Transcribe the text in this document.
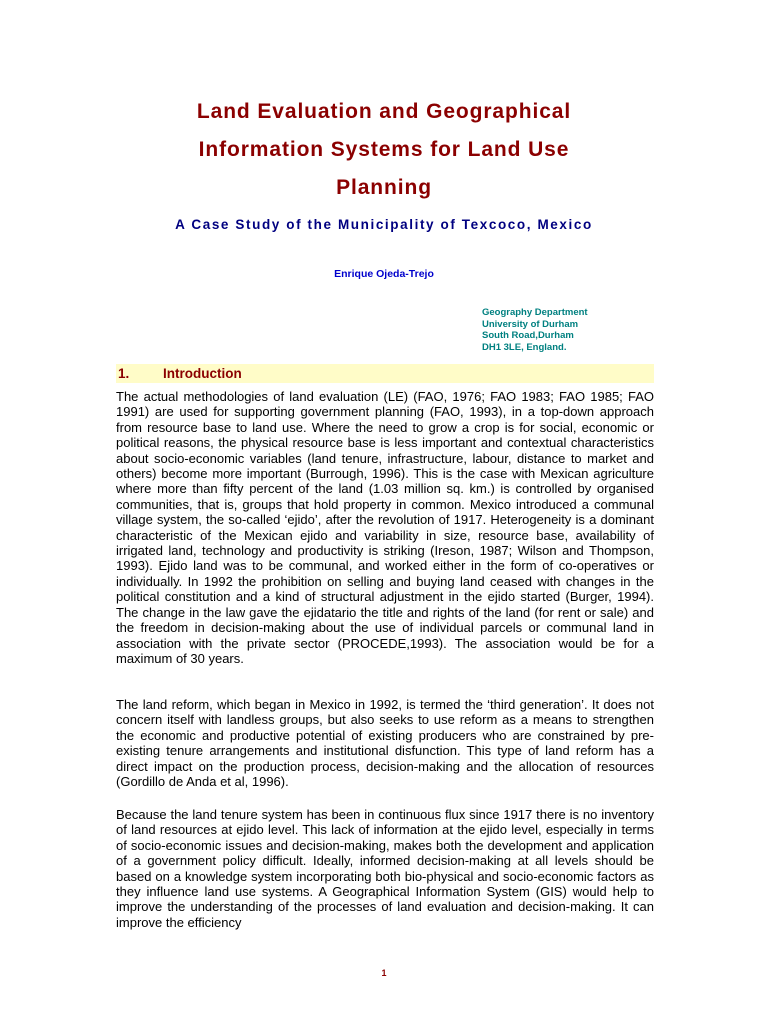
Land Evaluation and Geographical
Information Systems for Land Use
Planning
A Case Study of the Municipality of Texcoco, Mexico
Enrique Ojeda-Trejo
Geography Department
University of Durham
South Road,Durham
DH1 3LE, England.
1. Introduction
The actual methodologies of land evaluation (LE) (FAO, 1976; FAO 1983; FAO 1985; FAO 1991) are used for supporting government planning (FAO, 1993), in a top-down approach from resource base to land use. Where the need to grow a crop is for social, economic or political reasons, the physical resource base is less important and contextual characteristics about socio-economic variables (land tenure, infrastructure, labour, distance to market and others) become more important (Burrough, 1996). This is the case with Mexican agriculture where more than fifty percent of the land (1.03 million sq. km.) is controlled by organised communities, that is, groups that hold property in common. Mexico introduced a communal village system, the so-called ‘ejido’, after the revolution of 1917. Heterogeneity is a dominant characteristic of the Mexican ejido and variability in size, resource base, availability of irrigated land, technology and productivity is striking (Ireson, 1987; Wilson and Thompson, 1993). Ejido land was to be communal, and worked either in the form of co-operatives or individually. In 1992 the prohibition on selling and buying land ceased with changes in the political constitution and a kind of structural adjustment in the ejido started (Burger, 1994). The change in the law gave the ejidatario the title and rights of the land (for rent or sale) and the freedom in decision-making about the use of individual parcels or communal land in association with the private sector (PROCEDE,1993). The association would be for a maximum of 30 years.
The land reform, which began in Mexico in 1992, is termed the ‘third generation’. It does not concern itself with landless groups, but also seeks to use reform as a means to strengthen the economic and productive potential of existing producers who are constrained by pre-existing tenure arrangements and institutional disfunction. This type of land reform has a direct impact on the production process, decision-making and the allocation of resources (Gordillo de Anda et al, 1996).
Because the land tenure system has been in continuous flux since 1917 there is no inventory of land resources at ejido level. This lack of information at the ejido level, especially in terms of socio-economic issues and decision-making, makes both the development and application of a government policy difficult. Ideally, informed decision-making at all levels should be based on a knowledge system incorporating both bio-physical and socio-economic factors as they influence land use systems. A Geographical Information System (GIS) would help to improve the understanding of the processes of land evaluation and decision-making. It can improve the efficiency
1
